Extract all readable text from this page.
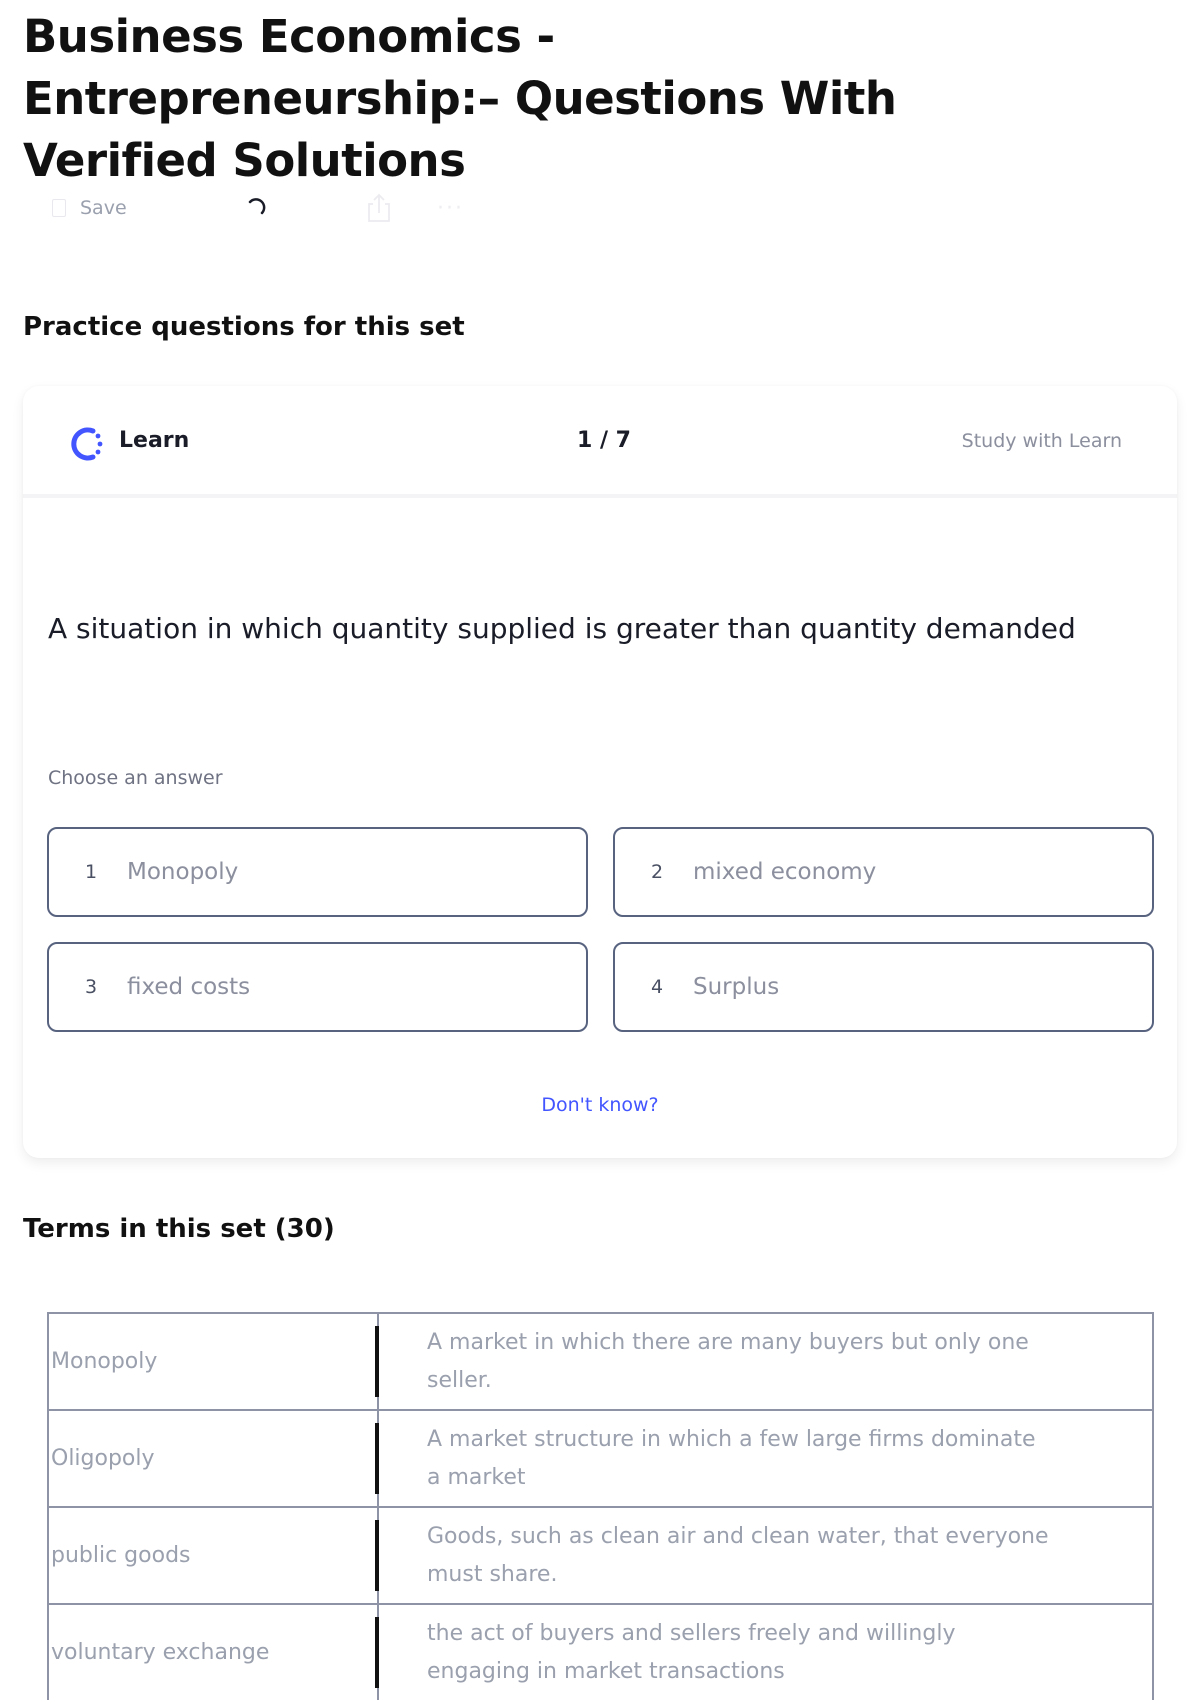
Business Economics - Entrepreneurship:– Questions With Verified Solutions
Save	···
Practice questions for this set
Learn	1 / 7	Study with Learn

A situation in which quantity supplied is greater than quantity demanded

Choose an answer

1	Monopoly	2	mixed economy
3	fixed costs	4	Surplus
Don't know?
Terms in this set (30)
Monopoly	A market in which there are many buyers but only one seller.
Oligopoly	A market structure in which a few large firms dominate a market
public goods	Goods, such as clean air and clean water, that everyone must share.
voluntary exchange	the act of buyers and sellers freely and willingly engaging in market transactions
